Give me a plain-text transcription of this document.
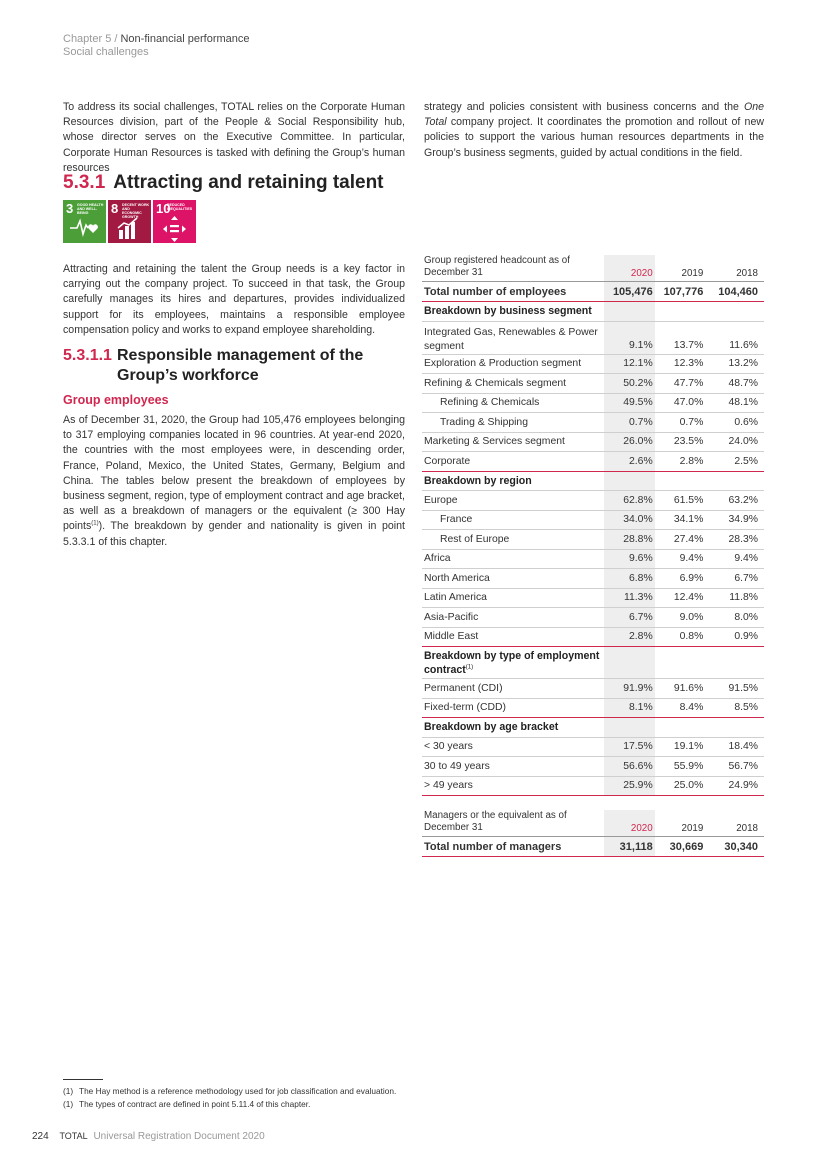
Chapter 5 / Non-financial performance
Social challenges

To address its social challenges, TOTAL relies on the Corporate Human Resources division, part of the People & Social Responsibility hub, whose director serves on the Executive Committee. In particular, Corporate Human Resources is tasked with defining the Group’s human resources

strategy and policies consistent with business concerns and the One Total company project. It coordinates the promotion and rollout of new policies to support the various human resources departments in the Group’s business segments, guided by actual conditions in the field.

5.3.1 Attracting and retaining talent
3 GOOD HEALTH AND WELL-BEING	8 DECENT WORK AND ECONOMIC GROWTH
10
REDUCED INEQUALITIES

Attracting and retaining the talent the Group needs is a key factor in carrying out the company project. To succeed in that task, the Group carefully manages its hires and departures, provides individualized support for its employees, maintains a responsible employee compensation policy and works to expand employee shareholding.

5.3.1.1 Responsible management of the Group’s workforce
Group employees

As of December 31, 2020, the Group had 105,476 employees belonging to 317 employing companies located in 96 countries. At year-end 2020, the countries with the most employees were, in descending order, France, Poland, Mexico, the United States, Germany, Belgium and China. The tables below present the breakdown of employees by business segment, region, type of employment contract and age bracket, as well as a breakdown of managers or the equivalent (≥ 300 Hay points$^{(1)}$). The breakdown by gender and nationality is given in point 5.3.3.1 of this chapter.

Group registered headcount as of December 31	2020	2019	2018
Total number of employees	105,476	107,776	104,460
Breakdown by business segment			
Integrated Gas, Renewables & Power segment	9.1%	13.7%	11.6%
Exploration & Production segment	12.1%	12.3%	13.2%
Refining & Chemicals segment	50.2%	47.7%	48.7%
Refining & Chemicals	49.5%	47.0%	48.1%
Trading & Shipping	0.7%	0.7%	0.6%
Marketing & Services segment	26.0%	23.5%	24.0%
Corporate	2.6%	2.8%	2.5%
Breakdown by region			
Europe	62.8%	61.5%	63.2%
France	34.0%	34.1%	34.9%
Rest of Europe	28.8%	27.4%	28.3%
Africa	9.6%	9.4%	9.4%
North America	6.8%	6.9%	6.7%
Latin America	11.3%	12.4%	11.8%
Asia-Pacific	6.7%	9.0%	8.0%
Middle East	2.8%	0.8%	0.9%
Breakdown by type of employment contract$^{(1)}$			
Permanent (CDI)	91.9%	91.6%	91.5%
Fixed-term (CDD)	8.1%	8.4%	8.5%
Breakdown by age bracket			
< 30 years	17.5%	19.1%	18.4%
30 to 49 years	56.6%	55.9%	56.7%
> 49 years	25.9%	25.0%	24.9%
Managers or the equivalent as of December 31	2020	2019	2018
Total number of managers	31,118	30,669	30,340
(1) The Hay method is a reference methodology used for job classification and evaluation.
(1) The types of contract are defined in point 5.11.4 of this chapter.
224 TOTAL Universal Registration Document 2020
